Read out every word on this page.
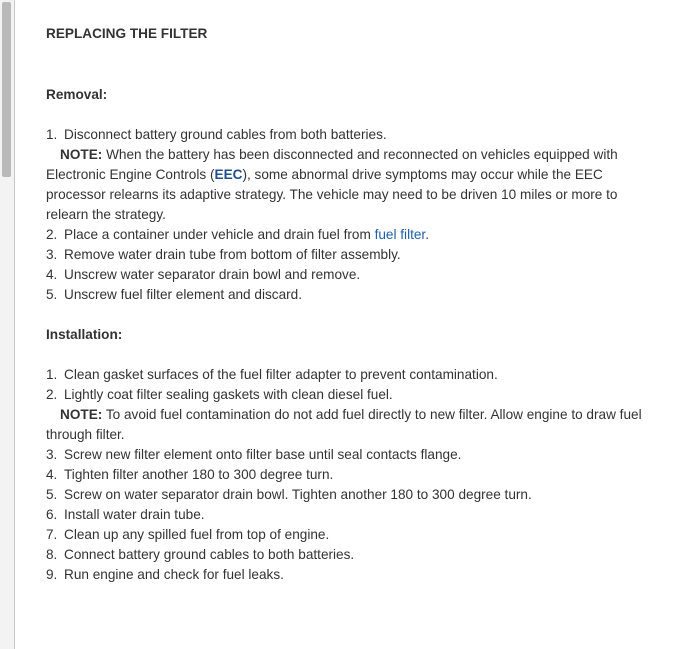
REPLACING THE FILTER
Removal:

1. Disconnect battery ground cables from both batteries.

NOTE: When the battery has been disconnected and reconnected on vehicles equipped with Electronic Engine Controls (EEC), some abnormal drive symptoms may occur while the EEC processor relearns its adaptive strategy. The vehicle may need to be driven 10 miles or more to relearn the strategy.

2. Place a container under vehicle and drain fuel from fuel filter.

3. Remove water drain tube from bottom of filter assembly.

4. Unscrew water separator drain bowl and remove.

5. Unscrew fuel filter element and discard.

Installation:

1. Clean gasket surfaces of the fuel filter adapter to prevent contamination.

2. Lightly coat filter sealing gaskets with clean diesel fuel.

NOTE: To avoid fuel contamination do not add fuel directly to new filter. Allow engine to draw fuel through filter.

3. Screw new filter element onto filter base until seal contacts flange.

4. Tighten filter another 180 to 300 degree turn.

5. Screw on water separator drain bowl. Tighten another 180 to 300 degree turn.

6. Install water drain tube.

7. Clean up any spilled fuel from top of engine.

8. Connect battery ground cables to both batteries.

9. Run engine and check for fuel leaks.
